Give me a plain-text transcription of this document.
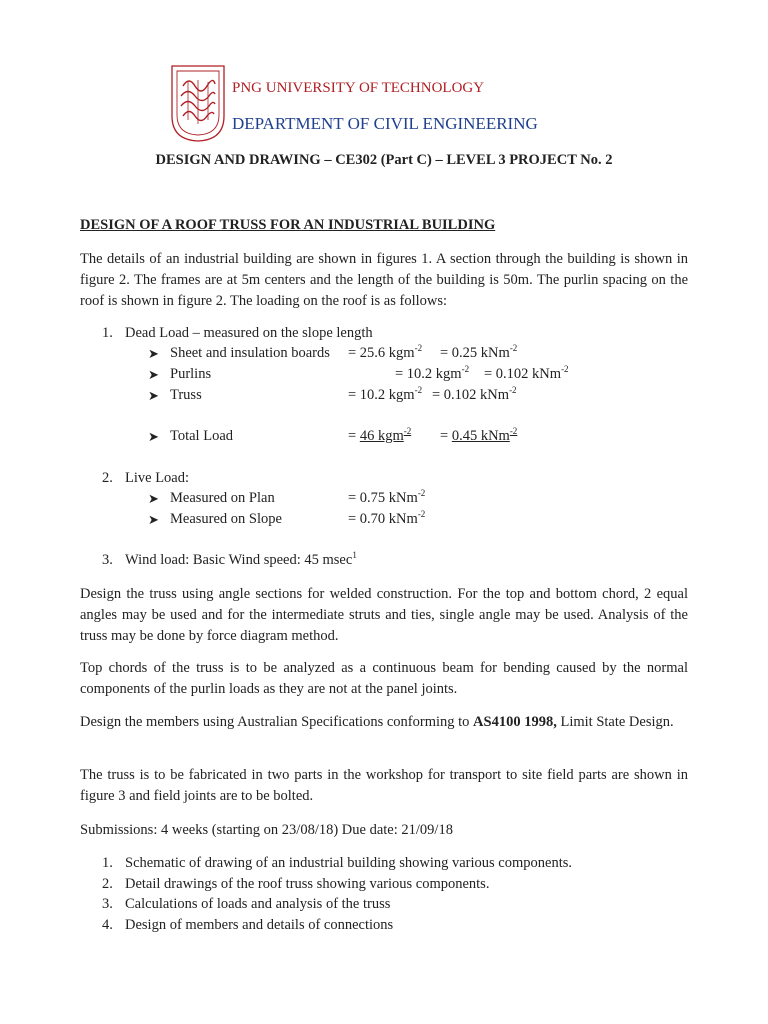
PNG UNIVERSITY OF TECHNOLOGY
DEPARTMENT OF CIVIL ENGINEERING
DESIGN AND DRAWING – CE302 (Part C) – LEVEL 3 PROJECT No. 2
DESIGN OF A ROOF TRUSS FOR AN INDUSTRIAL BUILDING
The details of an industrial building are shown in figures 1. A section through the building is shown in figure 2. The frames are at 5m centers and the length of the building is 50m. The purlin spacing on the roof is shown in figure 2. The loading on the roof is as follows:
1. Dead Load – measured on the slope length
➤ Sheet and insulation boards = 25.6 kgm$^{-2}$ = 0.25 kNm$^{-2}$
➤ Purlins	= 10.2 kgm$^{-2}$ = 0.102 kNm$^{-2}$
➤ Truss	= 10.2 kgm$^{-2}$ = 0.102 kNm$^{-2}$
➤ Total Load	= 46 kgm$^{-2}$ = 0.45 kNm$^{-2}$
2. Live Load:
➤ Measured on Plan	= 0.75 kNm$^{-2}$
➤ Measured on Slope	= 0.70 kNm$^{-2}$
3. Wind load: Basic Wind speed: 45 msec$^1$
Design the truss using angle sections for welded construction. For the top and bottom chord, 2 equal angles may be used and for the intermediate struts and ties, single angle may be used. Analysis of the truss may be done by force diagram method.
Top chords of the truss is to be analyzed as a continuous beam for bending caused by the normal components of the purlin loads as they are not at the panel joints.
Design the members using Australian Specifications conforming to AS4100 1998, Limit State Design.
The truss is to be fabricated in two parts in the workshop for transport to site field parts are shown in figure 3 and field joints are to be bolted.
Submissions: 4 weeks (starting on 23/08/18) Due date: 21/09/18
1. Schematic of drawing of an industrial building showing various components.
2. Detail drawings of the roof truss showing various components.
3. Calculations of loads and analysis of the truss
4. Design of members and details of connections
